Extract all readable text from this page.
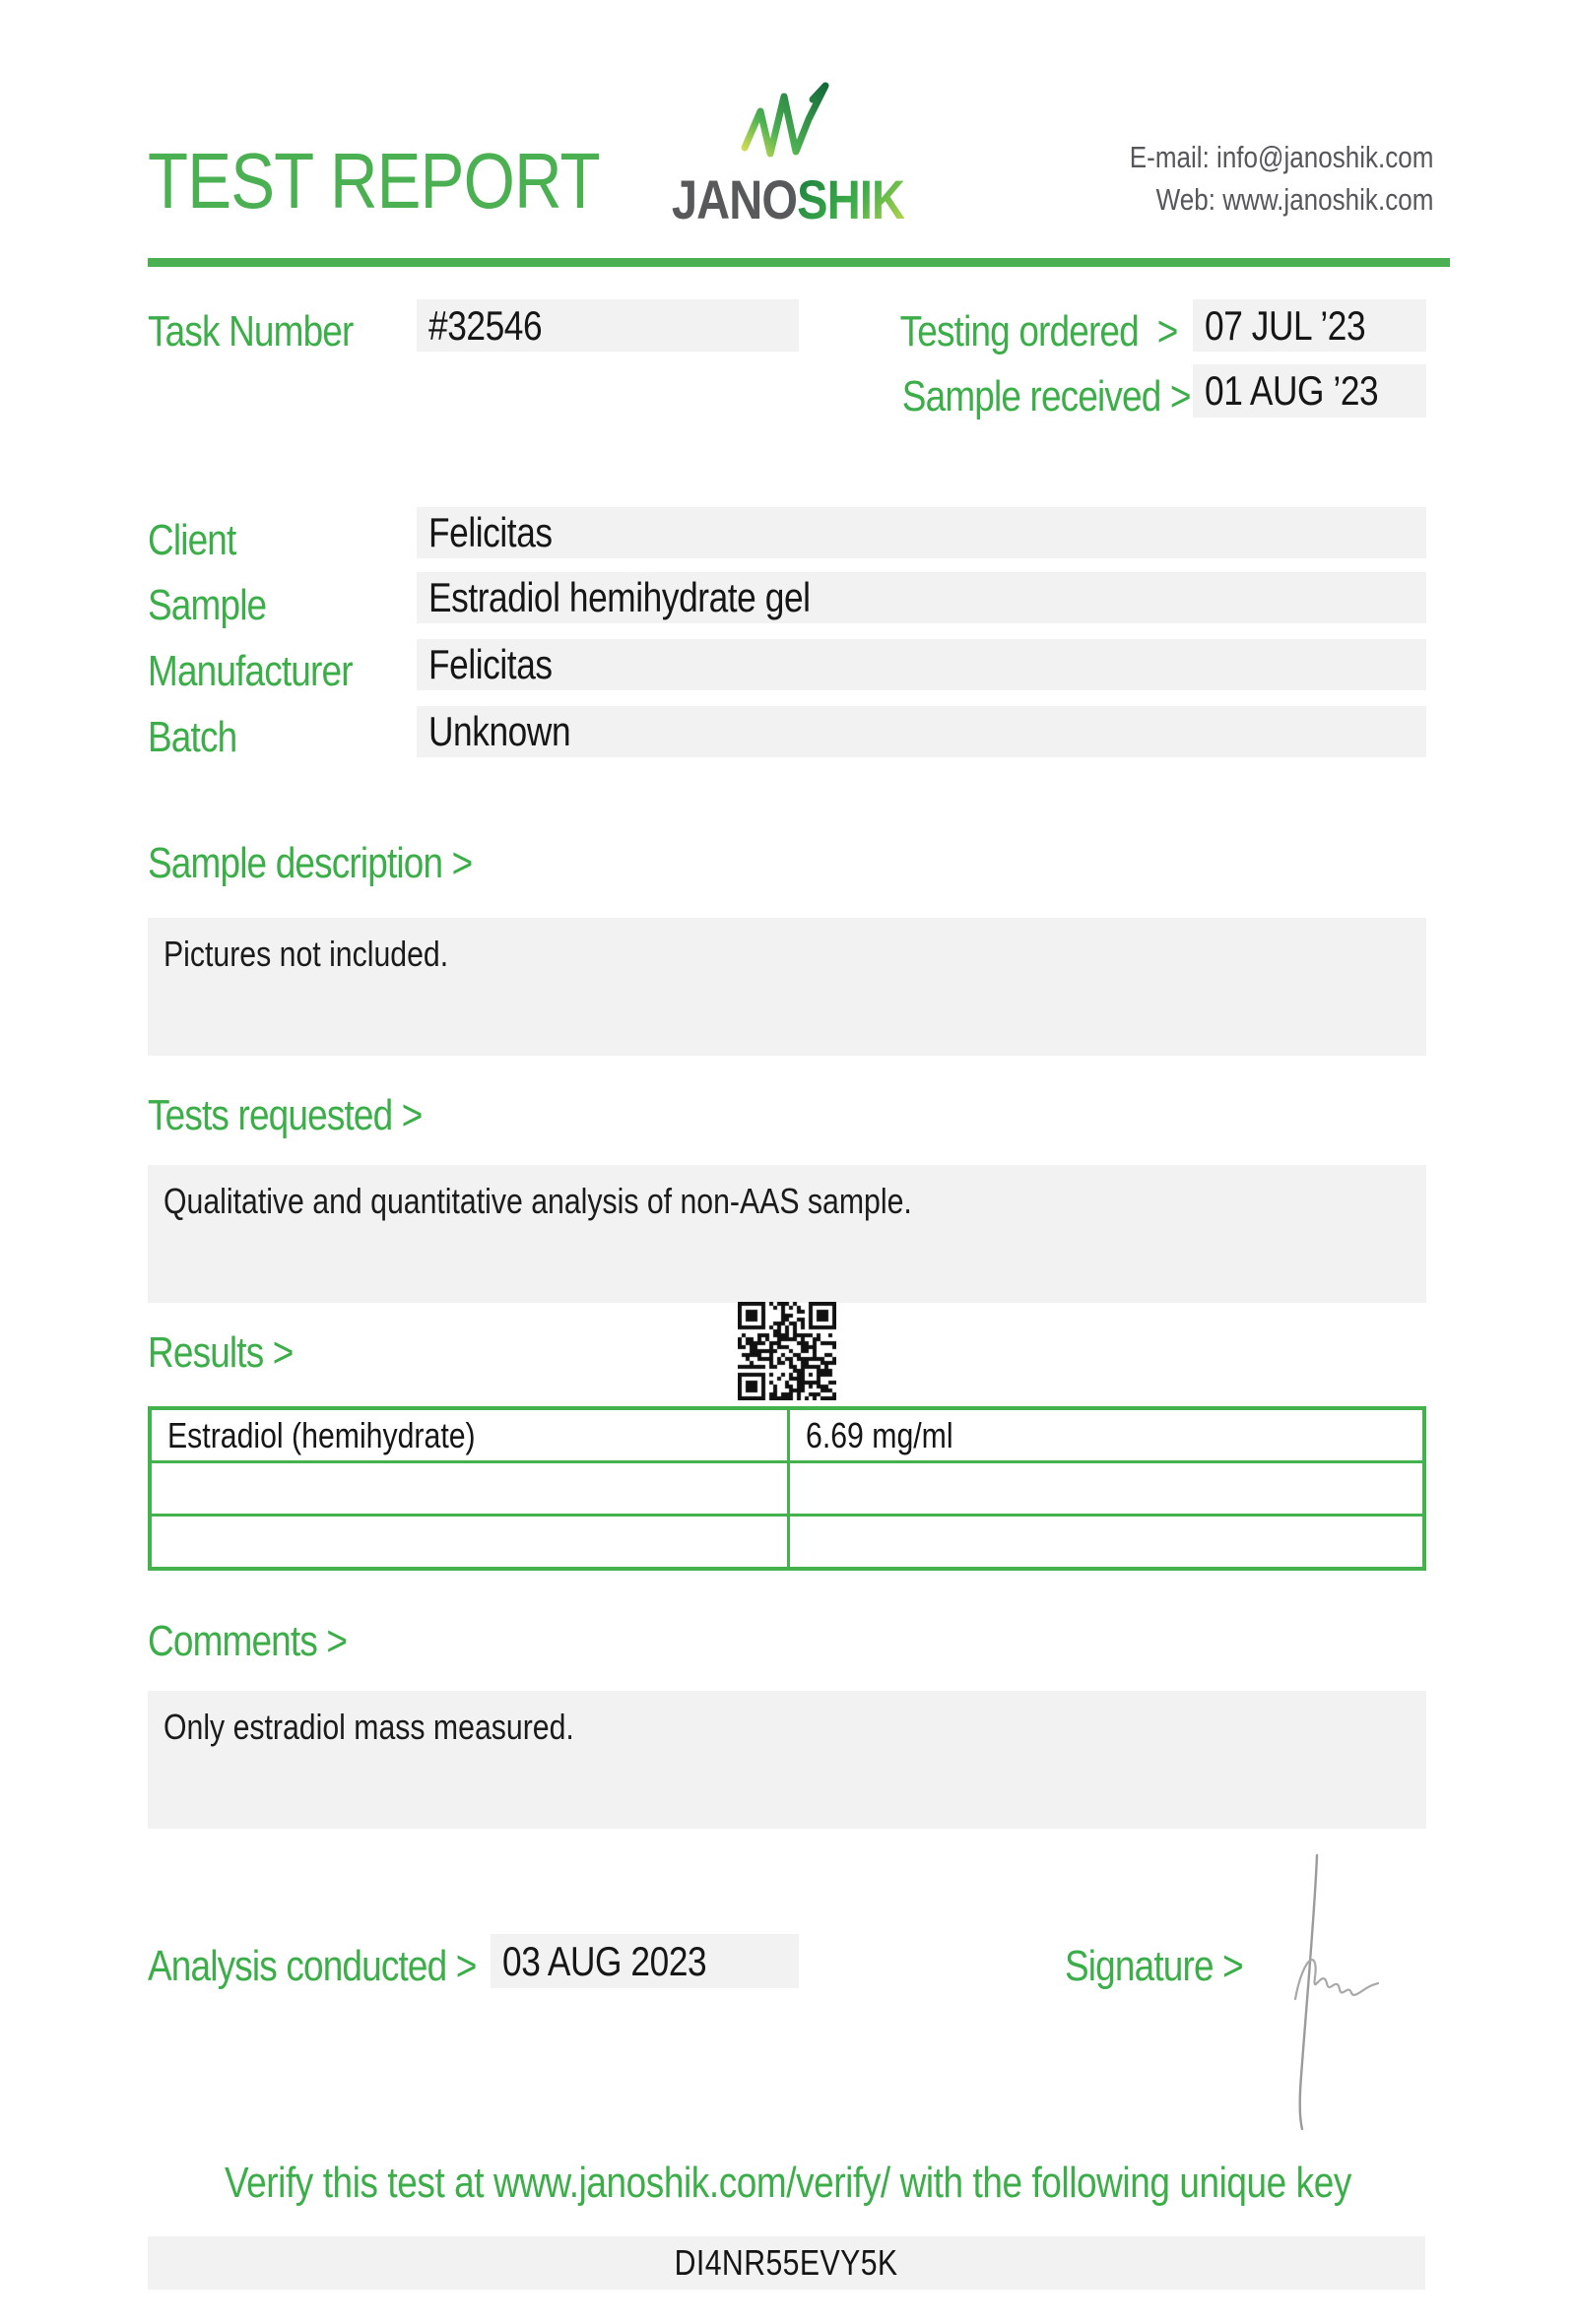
TEST REPORT	JANOSHIK
E-mail: info@janoshik.com
Web: www.janoshik.com
Task Number	#32546	Testing ordered > 07 JUL ’23
Sample received > 01 AUG ’23
Client	Felicitas
Sample	Estradiol hemihydrate gel
Manufacturer	Felicitas
Batch	Unknown
Sample description >
Pictures not included.
Tests requested >
Qualitative and quantitative analysis of non-AAS sample.
Results >
Estradiol (hemihydrate)	6.69 mg/ml

Comments >
Only estradiol mass measured.
Analysis conducted > 03 AUG 2023	Signature >
Verify this test at www.janoshik.com/verify/ with the following unique key
DI4NR55EVY5K
